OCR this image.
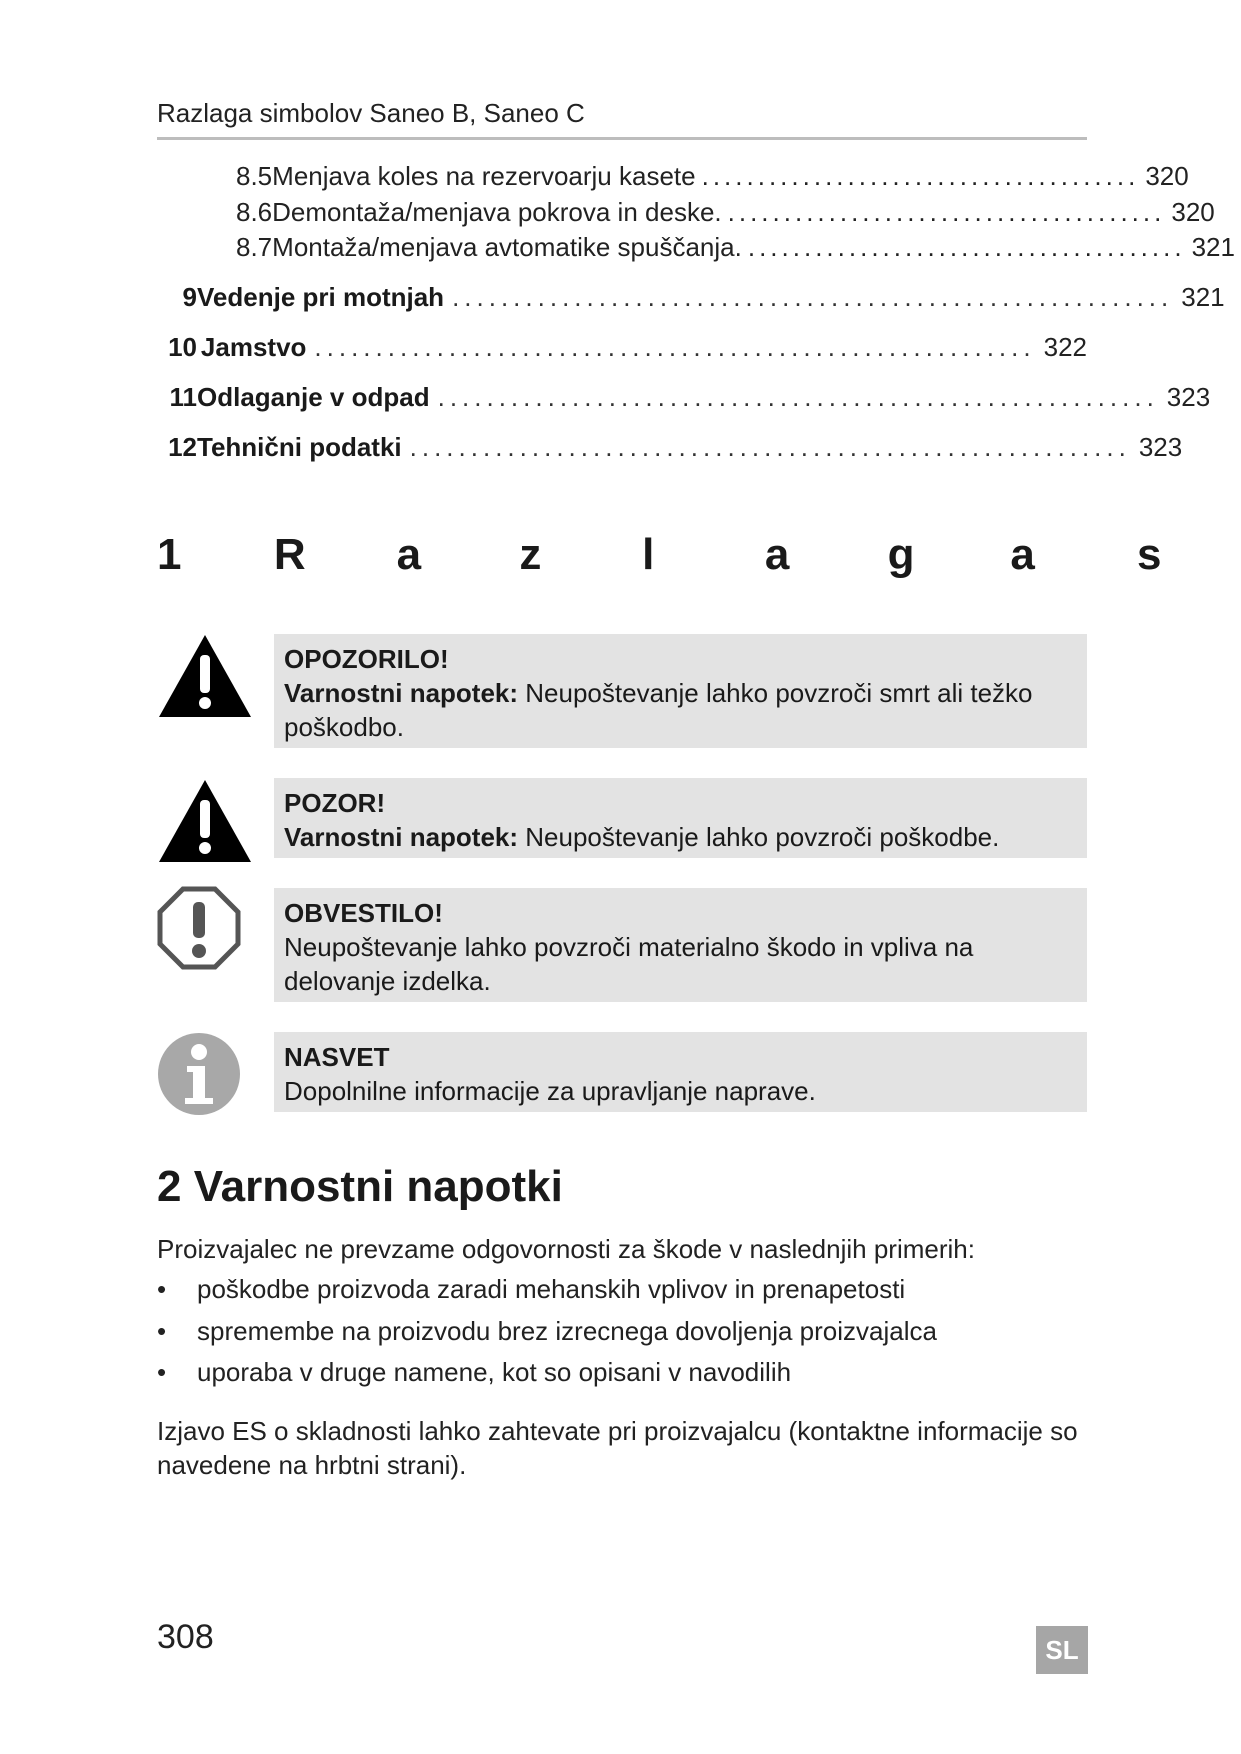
Razlaga simbolov Saneo B, Saneo C
8.5 Menjava koles na rezervoarju kasete ....................................... 320
8.6 Demontaža/menjava pokrova in deske. ....................................... 320
8.7 Montaža/menjava avtomatike spuščanja. ....................................... 321
9 Vedenje pri motnjah ........................................................... 321
10 Jamstvo ........................................................... 322
11 Odlaganje v odpad ........................................................... 323
12 Tehnični podatki ........................................................... 323
1	R	a	z	l	a	g	a	s
OPOZORILO!
Varnostni napotek: Neupoštevanje lahko povzroči smrt ali težko poškodbo.
POZOR!
Varnostni napotek: Neupoštevanje lahko povzroči poškodbe.
OBVESTILO!
Neupoštevanje lahko povzroči materialno škodo in vpliva na delovanje izdelka.
NASVET
Dopolnilne informacije za upravljanje naprave.
2 Varnostni napotki
Proizvajalec ne prevzame odgovornosti za škode v naslednjih primerih:
•	poškodbe proizvoda zaradi mehanskih vplivov in prenapetosti
•	spremembe na proizvodu brez izrecnega dovoljenja proizvajalca
•	uporaba v druge namene, kot so opisani v navodilih
Izjavo ES o skladnosti lahko zahtevate pri proizvajalcu (kontaktne informacije so navedene na hrbtni strani).
308	SL
